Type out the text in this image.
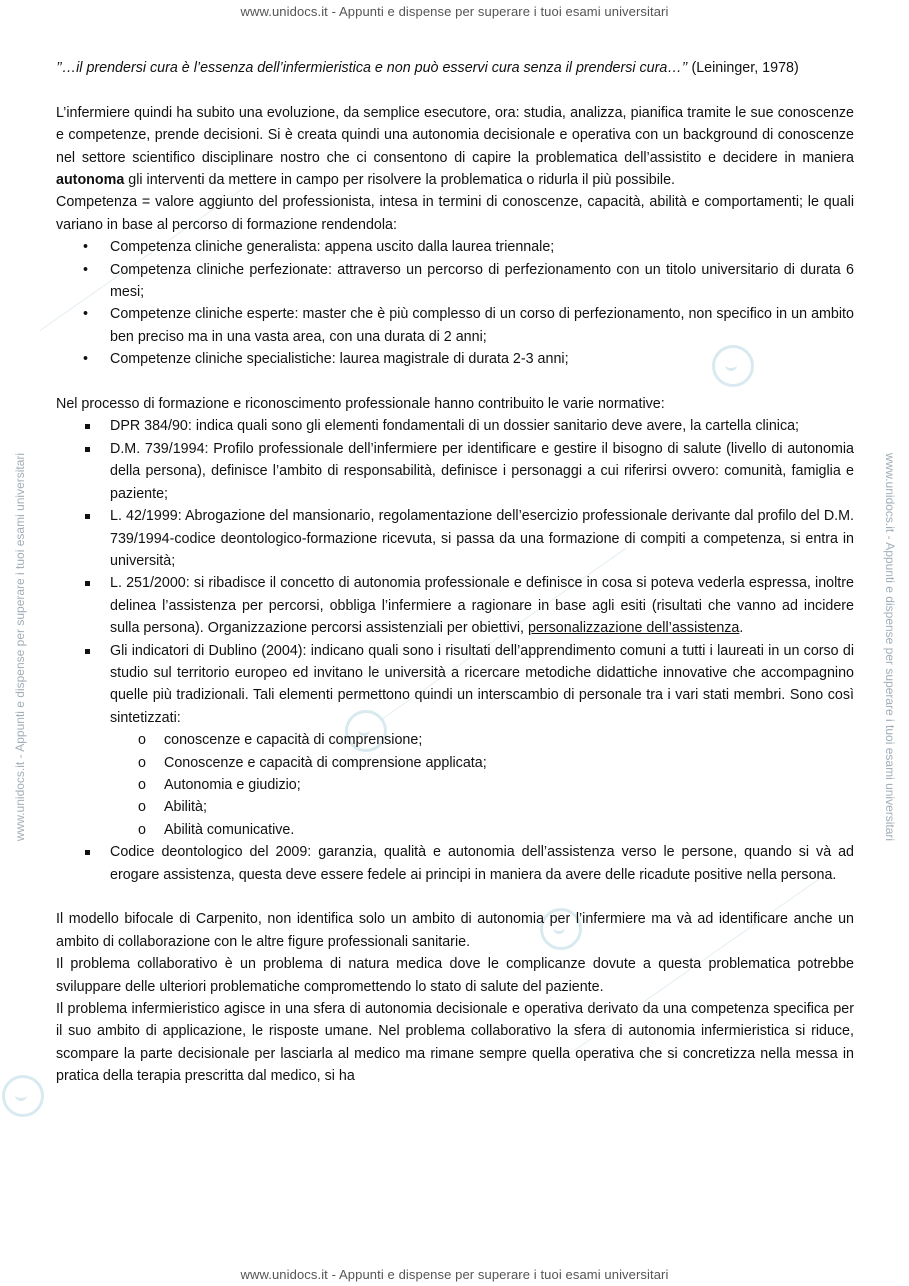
www.unidocs.it - Appunti e dispense per superare i tuoi esami universitari
www.unidocs.it - Appunti e dispense per superare i tuoi esami universitari	www.unidocs.it - Appunti e dispense per superare i tuoi esami universitari
www.unidocs.it - Appunti e dispense per superare i tuoi esami universitari

’’…il prendersi cura è l’essenza dell’infermieristica e non può esservi cura senza il prendersi cura…’’ (Leininger, 1978)

L’infermiere quindi ha subito una evoluzione, da semplice esecutore, ora: studia, analizza, pianifica tramite le sue conoscenze e competenze, prende decisioni. Si è creata quindi una autonomia decisionale e operativa con un background di conoscenze nel settore scientifico disciplinare nostro che ci consentono di capire la problematica dell’assistito e decidere in maniera autonoma gli interventi da mettere in campo per risolvere la problematica o ridurla il più possibile.

Competenza = valore aggiunto del professionista, intesa in termini di conoscenze, capacità, abilità e comportamenti; le quali variano in base al percorso di formazione rendendola:

• Competenza cliniche generalista: appena uscito dalla laurea triennale;
• Competenza cliniche perfezionate: attraverso un percorso di perfezionamento con un titolo universitario di durata 6 mesi;
• Competenze cliniche esperte: master che è più complesso di un corso di perfezionamento, non specifico in un ambito ben preciso ma in una vasta area, con una durata di 2 anni;
• Competenze cliniche specialistiche: laurea magistrale di durata 2-3 anni;

Nel processo di formazione e riconoscimento professionale hanno contribuito le varie normative:

DPR 384/90: indica quali sono gli elementi fondamentali di un dossier sanitario deve avere, la cartella clinica;
D.M. 739/1994: Profilo professionale dell’infermiere per identificare e gestire il bisogno di salute (livello di autonomia della persona), definisce l’ambito di responsabilità, definisce i personaggi a cui riferirsi ovvero: comunità, famiglia e paziente;
L. 42/1999: Abrogazione del mansionario, regolamentazione dell’esercizio professionale derivante dal profilo del D.M. 739/1994-codice deontologico-formazione ricevuta, si passa da una formazione di compiti a competenza, si entra in università;
L. 251/2000: si ribadisce il concetto di autonomia professionale e definisce in cosa si poteva vederla espressa, inoltre delinea l’assistenza per percorsi, obbliga l’infermiere a ragionare in base agli esiti (risultati che vanno ad incidere sulla persona). Organizzazione percorsi assistenziali per obiettivi, personalizzazione dell’assistenza.
Gli indicatori di Dublino (2004): indicano quali sono i risultati dell’apprendimento comuni a tutti i laureati in un corso di studio sul territorio europeo ed invitano le università a ricercare metodiche didattiche innovative che accompagnino quelle più tradizionali. Tali elementi permettono quindi un interscambio di personale tra i vari stati membri. Sono così sintetizzati:
o conoscenze e capacità di comprensione;
o Conoscenze e capacità di comprensione applicata;
o Autonomia e giudizio;
o Abilità;
o Abilità comunicative.
Codice deontologico del 2009: garanzia, qualità e autonomia dell’assistenza verso le persone, quando si và ad erogare assistenza, questa deve essere fedele ai principi in maniera da avere delle ricadute positive nella persona.

Il modello bifocale di Carpenito, non identifica solo un ambito di autonomia per l’infermiere ma và ad identificare anche un ambito di collaborazione con le altre figure professionali sanitarie.

Il problema collaborativo è un problema di natura medica dove le complicanze dovute a questa problematica potrebbe sviluppare delle ulteriori problematiche compromettendo lo stato di salute del paziente.

Il problema infermieristico agisce in una sfera di autonomia decisionale e operativa derivato da una competenza specifica per il suo ambito di applicazione, le risposte umane. Nel problema collaborativo la sfera di autonomia infermieristica si riduce, scompare la parte decisionale per lasciarla al medico ma rimane sempre quella operativa che si concretizza nella messa in pratica della terapia prescritta dal medico, si ha
